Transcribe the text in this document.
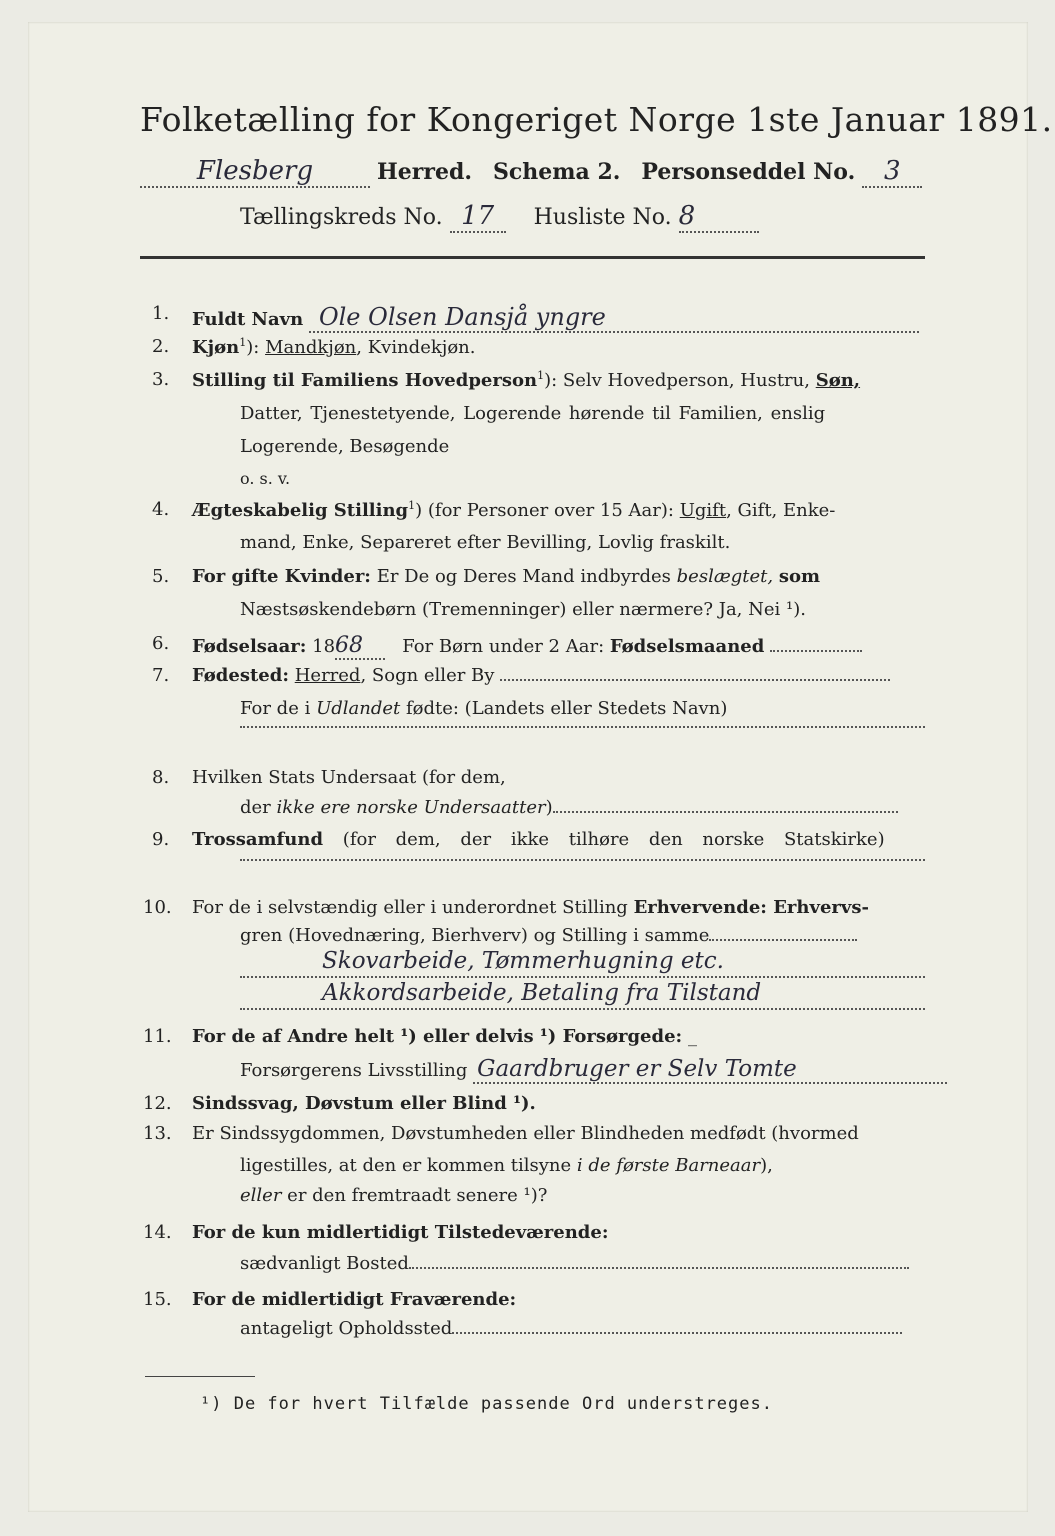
Folketælling for Kongeriget Norge 1ste Januar 1891.
Flesberg	Herred. Schema 2. Personseddel No. 3
Tællingskreds No. 17 Husliste No. 8
1.
2.
3.
4.
5.
6.
7.
8.
9.
10.
11.
12.
13.
14.
15.
Fuldt Navn Ole Olsen Dansjå yngre
Kjøn$^1$): Mandkjøn, Kvindekjøn.
Stilling til Familiens Hovedperson$^1$): Selv Hovedperson, Hustru, Søn,
Datter, Tjenestetyende, Logerende hørende til Familien, enslig
Logerende, Besøgende
o. s. v.
Ægteskabelig Stilling$^1$) (for Personer over 15 Aar): Ugift, Gift, Enke-
mand, Enke, Separeret efter Bevilling, Lovlig fraskilt.
For gifte Kvinder: Er De og Deres Mand indbyrdes beslægtet, som
Næstsøskendebørn (Tremenninger) eller nærmere? Ja, Nei ¹).
Fødselsaar: 1868 For Børn under 2 Aar: Fødselsmaaned
Fødested: Herred, Sogn eller By
For de i Udlandet fødte: (Landets eller Stedets Navn)
Hvilken Stats Undersaat (for dem,
der ikke ere norske Undersaatter)
Trossamfund (for dem, der ikke tilhøre den norske Statskirke)
For de i selvstændig eller i underordnet Stilling Erhvervende: Erhvervs-
gren (Hovednæring, Bierhverv) og Stilling i samme
Skovarbeide, Tømmerhugning etc.
Akkordsarbeide, Betaling fra Tilstand
For de af Andre helt ¹) eller delvis ¹) Forsørgede: _
Forsørgerens Livsstilling Gaardbruger er Selv Tomte
Sindssvag, Døvstum eller Blind ¹).
Er Sindssygdommen, Døvstumheden eller Blindheden medfødt (hvormed
ligestilles, at den er kommen tilsyne i de første Barneaar),
eller er den fremtraadt senere ¹)?
For de kun midlertidigt Tilstedeværende:
sædvanligt Bosted
For de midlertidigt Fraværende:
antageligt Opholdssted
¹) De for hvert Tilfælde passende Ord understreges.
